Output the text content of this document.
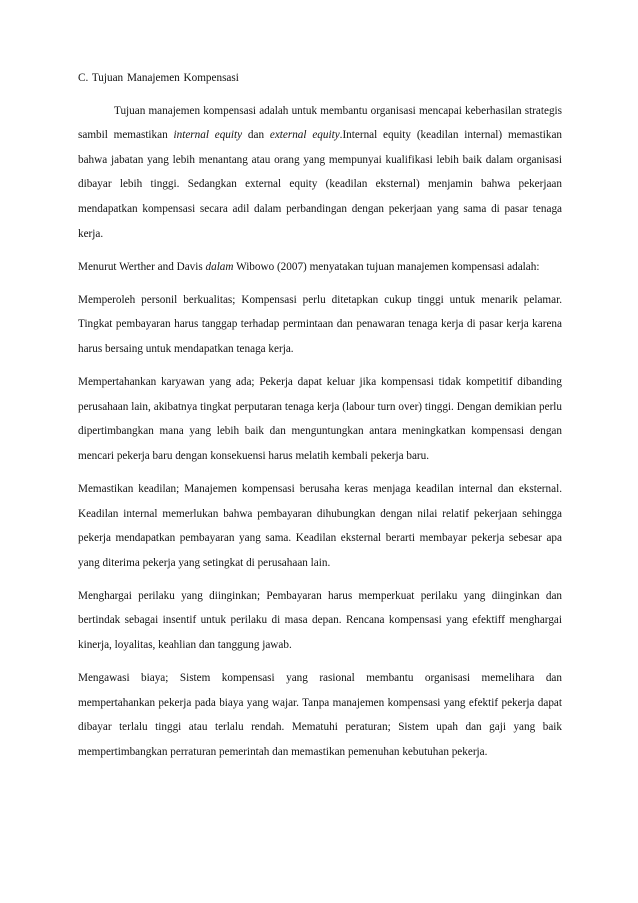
C. Tujuan Manajemen Kompensasi

Tujuan manajemen kompensasi adalah untuk membantu organisasi mencapai keberhasilan strategis sambil memastikan internal equity dan external equity.Internal equity (keadilan internal) memastikan bahwa jabatan yang lebih menantang atau orang yang mempunyai kualifikasi lebih baik dalam organisasi dibayar lebih tinggi. Sedangkan external equity (keadilan eksternal) menjamin bahwa pekerjaan mendapatkan kompensasi secara adil dalam perbandingan dengan pekerjaan yang sama di pasar tenaga kerja.

Menurut Werther and Davis dalam Wibowo (2007) menyatakan tujuan manajemen kompensasi adalah:

Memperoleh personil berkualitas; Kompensasi perlu ditetapkan cukup tinggi untuk menarik pelamar. Tingkat pembayaran harus tanggap terhadap permintaan dan penawaran tenaga kerja di pasar kerja karena harus bersaing untuk mendapatkan tenaga kerja.

Mempertahankan karyawan yang ada; Pekerja dapat keluar jika kompensasi tidak kompetitif dibanding perusahaan lain, akibatnya tingkat perputaran tenaga kerja (labour turn over) tinggi. Dengan demikian perlu dipertimbangkan mana yang lebih baik dan menguntungkan antara meningkatkan kompensasi dengan mencari pekerja baru dengan konsekuensi harus melatih kembali pekerja baru.

Memastikan keadilan; Manajemen kompensasi berusaha keras menjaga keadilan internal dan eksternal. Keadilan internal memerlukan bahwa pembayaran dihubungkan dengan nilai relatif pekerjaan sehingga pekerja mendapatkan pembayaran yang sama. Keadilan eksternal berarti membayar pekerja sebesar apa yang diterima pekerja yang setingkat di perusahaan lain.

Menghargai perilaku yang diinginkan; Pembayaran harus memperkuat perilaku yang diinginkan dan bertindak sebagai insentif untuk perilaku di masa depan. Rencana kompensasi yang efektiff menghargai kinerja, loyalitas, keahlian dan tanggung jawab.

Mengawasi biaya; Sistem kompensasi yang rasional membantu organisasi memelihara dan mempertahankan pekerja pada biaya yang wajar. Tanpa manajemen kompensasi yang efektif pekerja dapat dibayar terlalu tinggi atau terlalu rendah. Mematuhi peraturan; Sistem upah dan gaji yang baik mempertimbangkan perraturan pemerintah dan memastikan pemenuhan kebutuhan pekerja.
